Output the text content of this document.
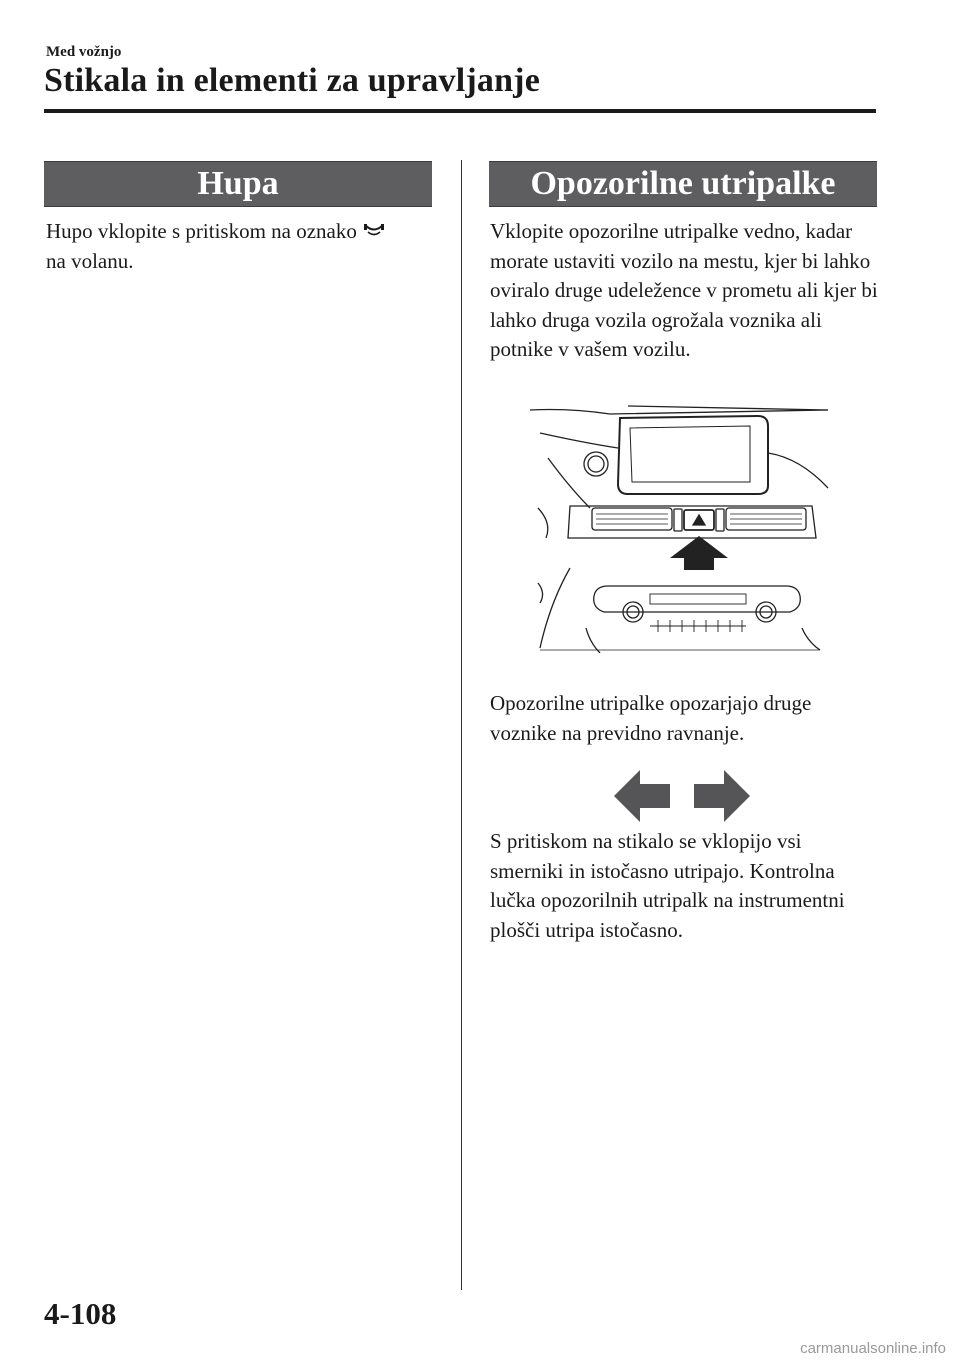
Med vožnjo
Stikala in elementi za upravljanje
Hupa

Hupo vklopite s pritiskom na oznako
na volanu.

Opozorilne utripalke

Vklopite opozorilne utripalke vedno, kadar morate ustaviti vozilo na mestu, kjer bi lahko oviralo druge udeležence v prometu ali kjer bi lahko druga vozila ogrožala voznika ali potnike v vašem vozilu.

Opozorilne utripalke opozarjajo druge voznike na previdno ravnanje.

S pritiskom na stikalo se vklopijo vsi smerniki in istočasno utripajo. Kontrolna lučka opozorilnih utripalk na instrumentni plošči utripa istočasno.

4-108
carmanualsonline.info
